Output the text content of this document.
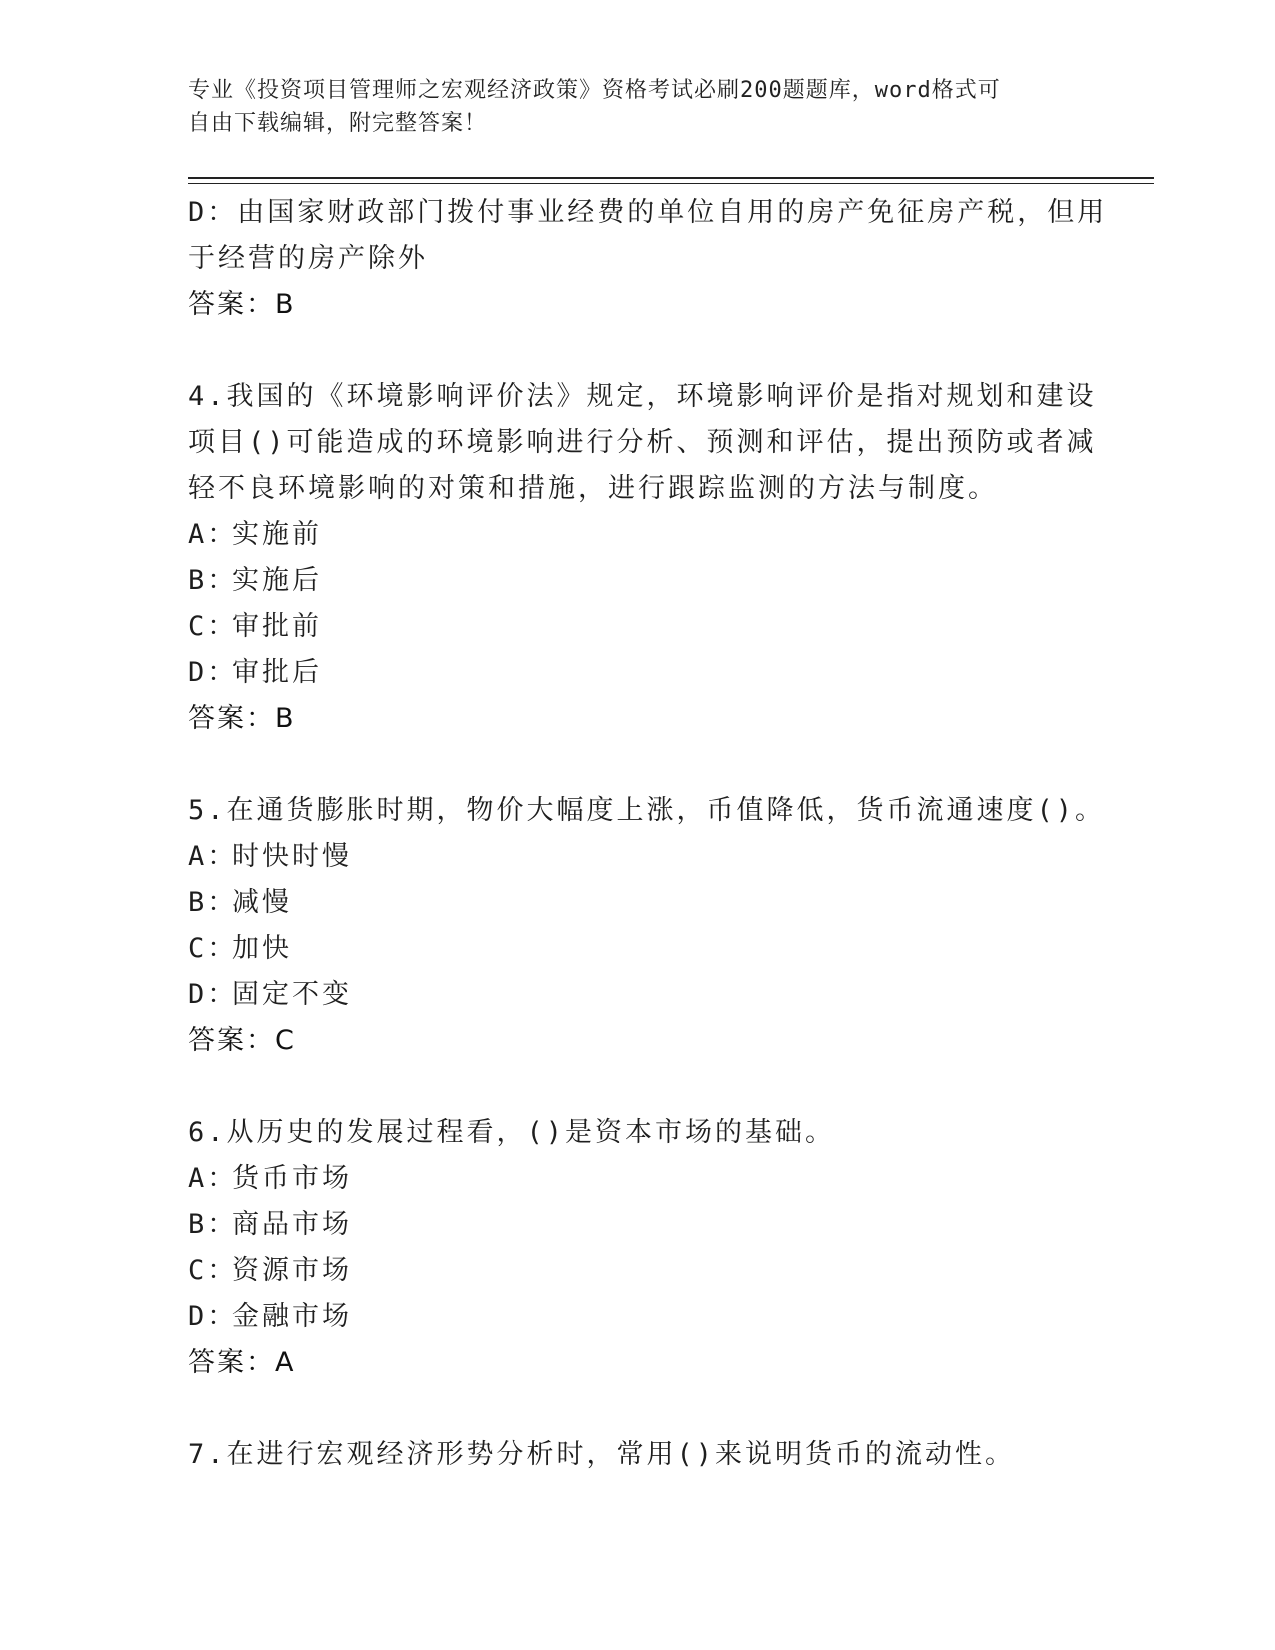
专业《投资项目管理师之宏观经济政策》资格考试必刷200题题库，word格式可
自由下载编辑，附完整答案！
D：由国家财政部门拨付事业经费的单位自用的房产免征房产税，但用
于经营的房产除外
答案：B
4.我国的《环境影响评价法》规定，环境影响评价是指对规划和建设
项目()可能造成的环境影响进行分析、预测和评估，提出预防或者减
轻不良环境影响的对策和措施，进行跟踪监测的方法与制度。
A：实施前
B：实施后
C：审批前
D：审批后
答案：B
5.在通货膨胀时期，物价大幅度上涨，币值降低，货币流通速度()。
A：时快时慢
B：减慢
C：加快
D：固定不变
答案：C
6.从历史的发展过程看，()是资本市场的基础。
A：货币市场
B：商品市场
C：资源市场
D：金融市场
答案：A
7.在进行宏观经济形势分析时，常用()来说明货币的流动性。
